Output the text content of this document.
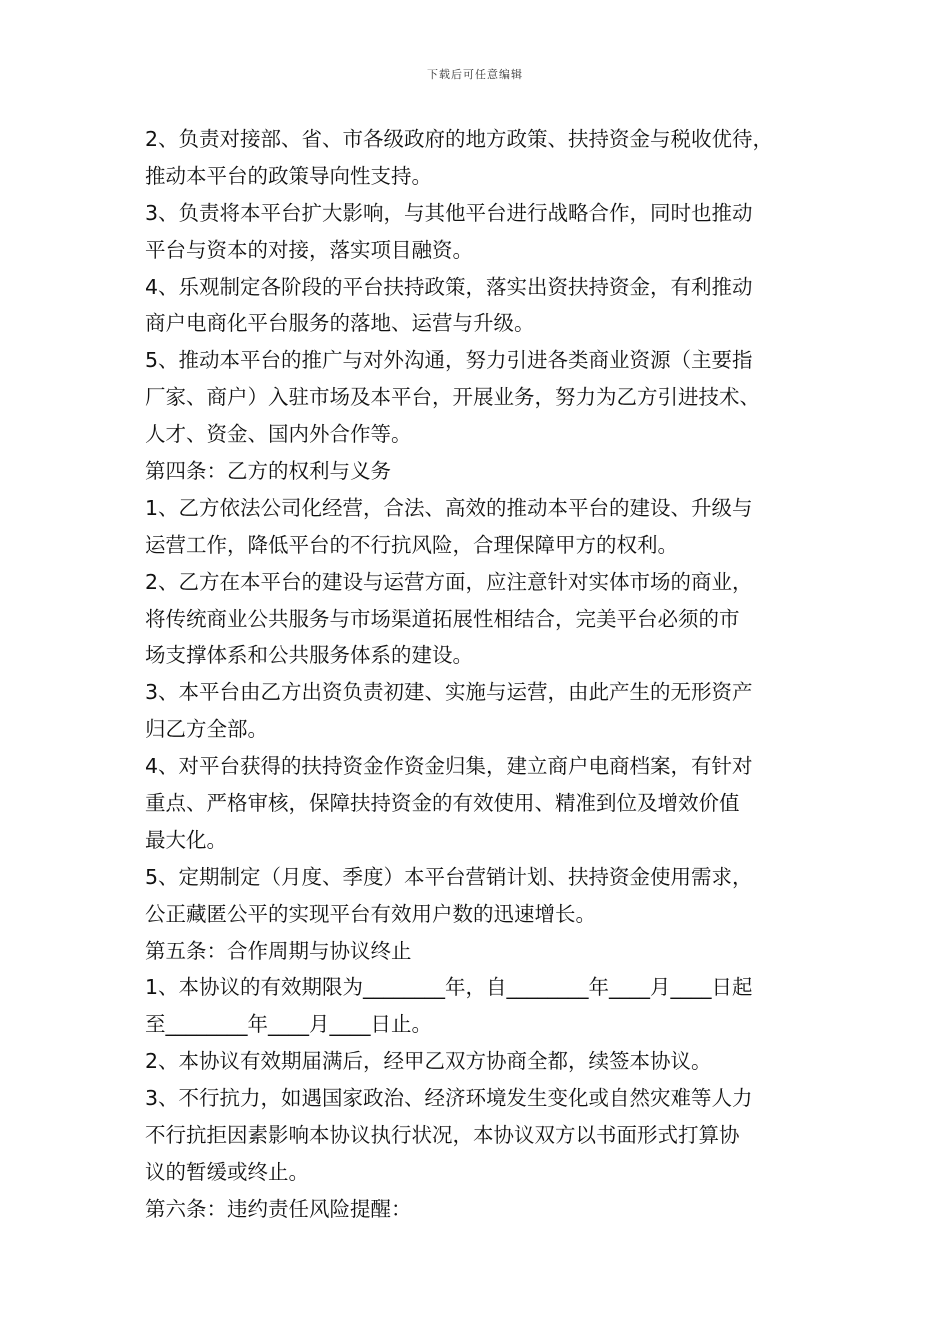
下载后可任意编辑
2、负责对接部、省、市各级政府的地方政策、扶持资金与税收优待，
推动本平台的政策导向性支持。
3、负责将本平台扩大影响，与其他平台进行战略合作，同时也推动
平台与资本的对接，落实项目融资。
4、乐观制定各阶段的平台扶持政策，落实出资扶持资金，有利推动
商户电商化平台服务的落地、运营与升级。
5、推动本平台的推广与对外沟通，努力引进各类商业资源（主要指
厂家、商户）入驻市场及本平台，开展业务，努力为乙方引进技术、
人才、资金、国内外合作等。
第四条：乙方的权利与义务
1、乙方依法公司化经营，合法、高效的推动本平台的建设、升级与
运营工作，降低平台的不行抗风险，合理保障甲方的权利。
2、乙方在本平台的建设与运营方面，应注意针对实体市场的商业，
将传统商业公共服务与市场渠道拓展性相结合，完美平台必须的市
场支撑体系和公共服务体系的建设。
3、本平台由乙方出资负责初建、实施与运营，由此产生的无形资产
归乙方全部。
4、对平台获得的扶持资金作资金归集，建立商户电商档案，有针对
重点、严格审核，保障扶持资金的有效使用、精准到位及增效价值
最大化。
5、定期制定（月度、季度）本平台营销计划、扶持资金使用需求，
公正藏匿公平的实现平台有效用户数的迅速增长。
第五条：合作周期与协议终止
1、本协议的有效期限为________年，自________年____月____日起
至________年____月____日止。
2、本协议有效期届满后，经甲乙双方协商全都，续签本协议。
3、不行抗力，如遇国家政治、经济环境发生变化或自然灾难等人力
不行抗拒因素影响本协议执行状况，本协议双方以书面形式打算协
议的暂缓或终止。
第六条：违约责任风险提醒：
